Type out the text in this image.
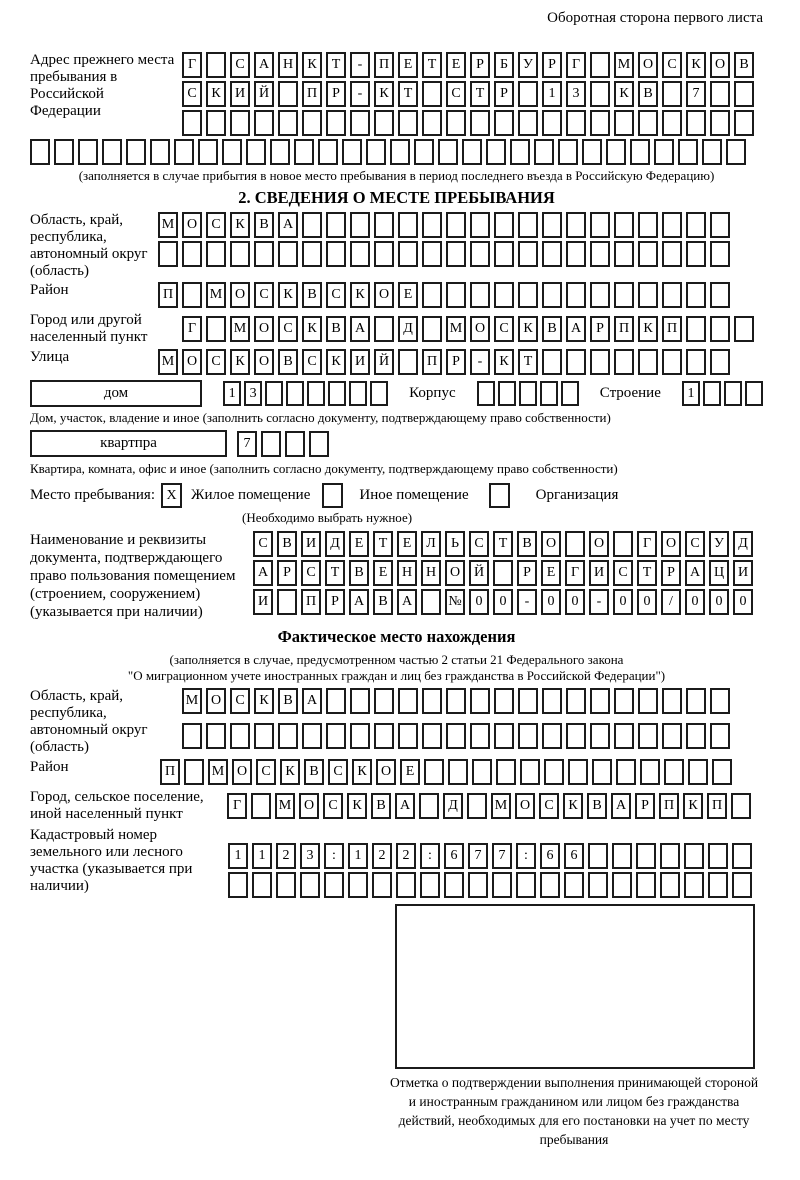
Оборотная сторона первого листа
Адрес прежнего места пребывания в Российской Федерации
Г	С	А Н	К	Т	-	П	Е	Т	Е	Р	Б	У	Р	Г	М О	С	К	О	В
С	К	И Й	П	Р	-	К	Т	С	Т	Р	1	3	К	В	7
(заполняется в случае прибытия в новое место пребывания в период последнего въезда в Российскую Федерацию)
2. СВЕДЕНИЯ О МЕСТЕ ПРЕБЫВАНИЯ
Область, край, республика, автономный округ (область)
М О	С	К	В	А
Район	П	М О	С	К	В	С	К	О	Е
Город или другой населенный пункт
Г	М О	С	К	В	А	Д	М О	С	К	В	А	Р	П	К	П
Улица	М О	С	К	О	В	С	К	И Й	П	Р	-	К	Т
дом	1	3	Корпус	Строение	1
Дом, участок, владение и иное (заполнить согласно документу, подтверждающему право собственности)
квартпра	7
Квартира, комната, офис и иное (заполнить согласно документу, подтверждающему право собственности)
Место пребывания: X Жилое помещение	Иное помещение	Организация
(Необходимо выбрать нужное)
Наименование и реквизиты документа, подтверждающего право пользования помещением (строением, сооружением) (указывается при наличии)
С	В	И	Д	Е	Т	Е	Л	Ь	С	Т	В	О	О	Г	О	С	У	Д
А	Р	С	Т	В	Е	Н Н О Й	Р	Е	Г	И	С	Т	Р	А Ц И
И	П	Р	А	В	А	№ 0	0	-	0	0	-	0	0	/	0	0	0
Фактическое место нахождения
(заполняется в случае, предусмотренном частью 2 статьи 21 Федерального закона
"О миграционном учете иностранных граждан и лиц без гражданства в Российской Федерации")
Область, край, республика, автономный округ (область)
М О	С	К	В	А
Район	П	М О	С	К	В	С	К	О	Е
Город, сельское поселение, иной населенный пункт
Г	М О	С	К	В	А	Д	М О	С	К	В	А	Р	П	К	П
Кадастровый номер земельного или лесного участка (указывается при наличии)
1	1	2	3	:	1	2	2	:	6	7	7	:	6	6
Отметка о подтверждении выполнения принимающей стороной и иностранным гражданином или лицом без гражданства действий, необходимых для его постановки на учет по месту пребывания
